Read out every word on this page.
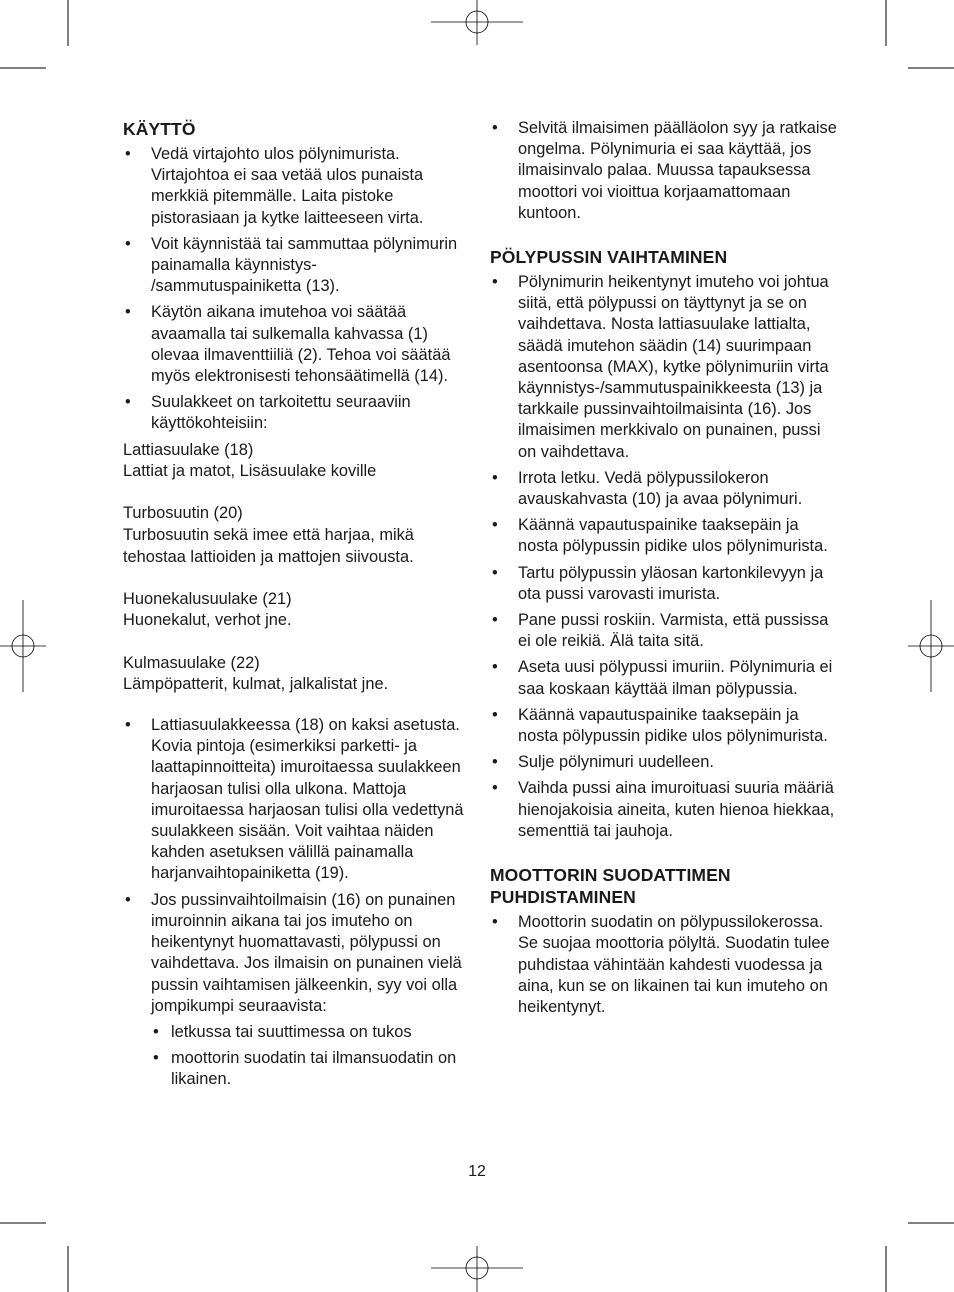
KÄYTTÖ
• Vedä virtajohto ulos pölynimurista. Virtajohtoa ei saa vetää ulos punaista merkkiä pitemmälle. Laita pistoke pistorasiaan ja kytke laitteeseen virta.
• Voit käynnistää tai sammuttaa pölynimurin painamalla käynnistys- /sammutuspainiketta (13).
• Käytön aikana imutehoa voi säätää avaamalla tai sulkemalla kahvassa (1) olevaa ilmaventtiiliä (2). Tehoa voi säätää myös elektronisesti tehonsäätimellä (14).
• Suulakkeet on tarkoitettu seuraaviin käyttökohteisiin:

Lattiasuulake (18)

Lattiat ja matot, Lisäsuulake koville

Turbosuutin (20)

Turbosuutin sekä imee että harjaa, mikä tehostaa lattioiden ja mattojen siivousta.

Huonekalusuulake (21)

Huonekalut, verhot jne.

Kulmasuulake (22)

Lämpöpatterit, kulmat, jalkalistat jne.

• Lattiasuulakkeessa (18) on kaksi asetusta. Kovia pintoja (esimerkiksi parketti- ja laattapinnoitteita) imuroitaessa suulakkeen harjaosan tulisi olla ulkona. Mattoja imuroitaessa harjaosan tulisi olla vedettynä suulakkeen sisään. Voit vaihtaa näiden kahden asetuksen välillä painamalla harjanvaihtopainiketta (19).
• Jos pussinvaihtoilmaisin (16) on punainen imuroinnin aikana tai jos imuteho on heikentynyt huomattavasti, pölypussi on vaihdettava. Jos ilmaisin on punainen vielä pussin vaihtamisen jälkeenkin, syy voi olla jompikumpi seuraavista:
• letkussa tai suuttimessa on tukos
• moottorin suodatin tai ilmansuodatin on likainen.
• Selvitä ilmaisimen päälläolon syy ja ratkaise ongelma. Pölynimuria ei saa käyttää, jos ilmaisinvalo palaa. Muussa tapauksessa moottori voi vioittua korjaamattomaan kuntoon.
PÖLYPUSSIN VAIHTAMINEN
• Pölynimurin heikentynyt imuteho voi johtua siitä, että pölypussi on täyttynyt ja se on vaihdettava. Nosta lattiasuulake lattialta, säädä imutehon säädin (14) suurimpaan asentoonsa (MAX), kytke pölynimuriin virta käynnistys-/sammutuspainikkeesta (13) ja tarkkaile pussinvaihtoilmaisinta (16). Jos ilmaisimen merkkivalo on punainen, pussi on vaihdettava.
• Irrota letku. Vedä pölypussilokeron avauskahvasta (10) ja avaa pölynimuri.
• Käännä vapautuspainike taaksepäin ja nosta pölypussin pidike ulos pölynimurista.
• Tartu pölypussin yläosan kartonkilevyyn ja ota pussi varovasti imurista.
• Pane pussi roskiin. Varmista, että pussissa ei ole reikiä. Älä taita sitä.
• Aseta uusi pölypussi imuriin. Pölynimuria ei saa koskaan käyttää ilman pölypussia.
• Käännä vapautuspainike taaksepäin ja nosta pölypussin pidike ulos pölynimurista.
• Sulje pölynimuri uudelleen.
• Vaihda pussi aina imuroituasi suuria määriä hienojakoisia aineita, kuten hienoa hiekkaa, sementtiä tai jauhoja.
MOOTTORIN SUODATTIMEN
PUHDISTAMINEN
• Moottorin suodatin on pölypussilokerossa. Se suojaa moottoria pölyltä. Suodatin tulee puhdistaa vähintään kahdesti vuodessa ja aina, kun se on likainen tai kun imuteho on heikentynyt.
12
